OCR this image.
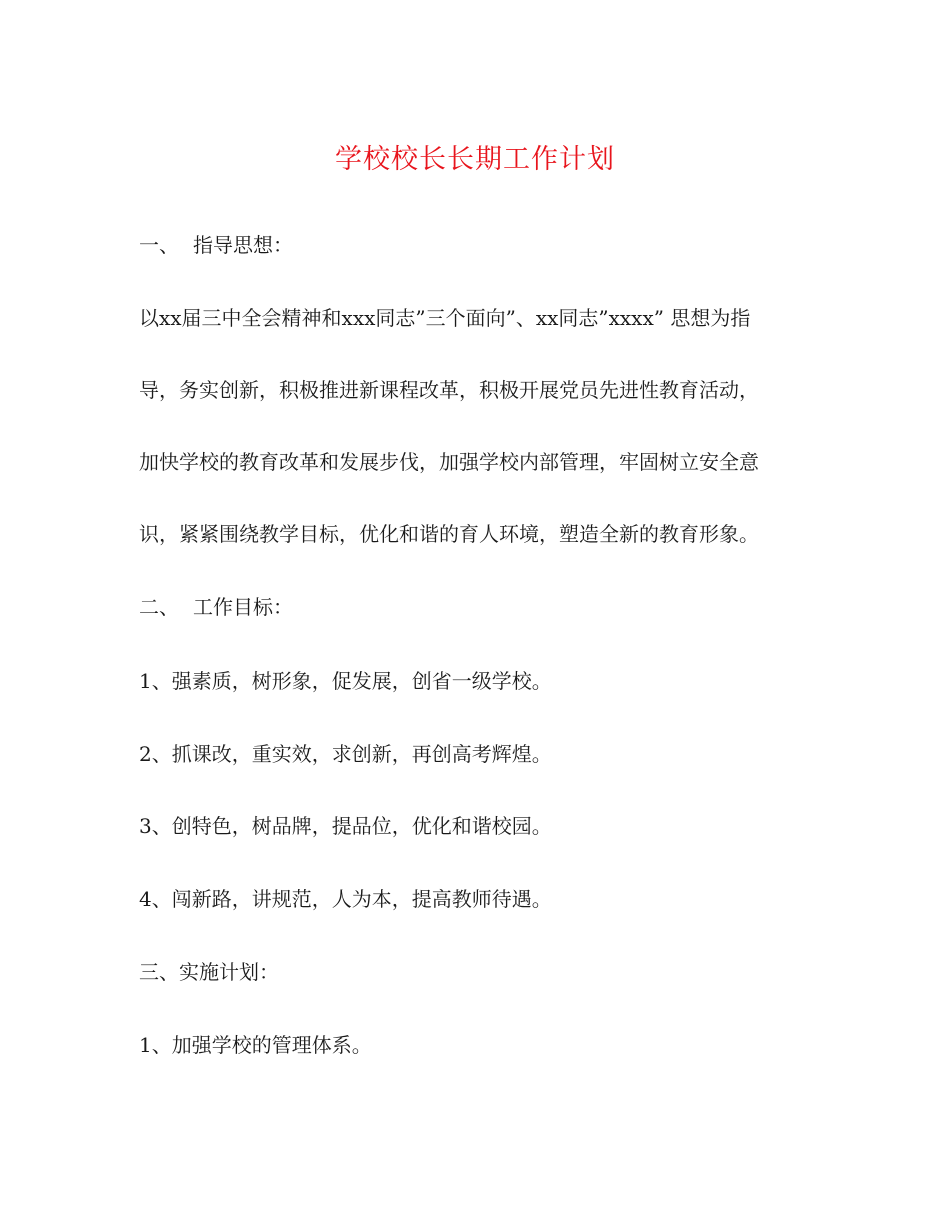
学校校长长期工作计划
一、 指导思想：
以xx届三中全会精神和xxx同志”三个面向”、xx同志”xxxx” 思想为指
导，务实创新，积极推进新课程改革，积极开展党员先进性教育活动，
加快学校的教育改革和发展步伐，加强学校内部管理，牢固树立安全意
识，紧紧围绕教学目标，优化和谐的育人环境，塑造全新的教育形象。
二、 工作目标：
1、强素质，树形象，促发展，创省一级学校。
2、抓课改，重实效，求创新，再创高考辉煌。
3、创特色，树品牌，提品位，优化和谐校园。
4、闯新路，讲规范，人为本，提高教师待遇。
三、实施计划：
1、加强学校的管理体系。
